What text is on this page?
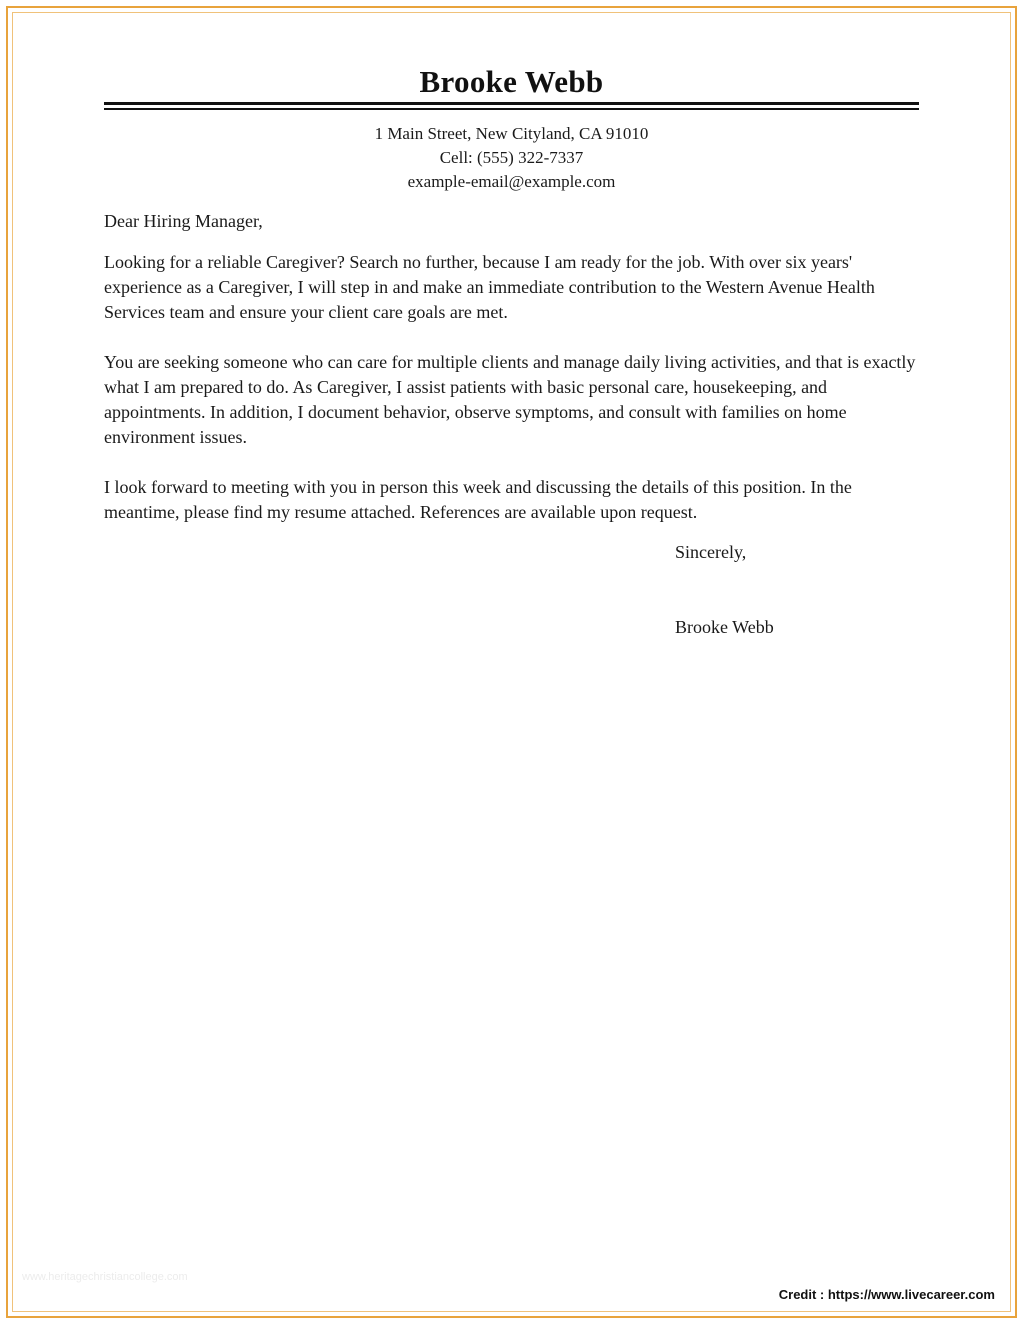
Brooke Webb
1 Main Street, New Cityland, CA 91010
Cell: (555) 322-7337
example-email@example.com

Dear Hiring Manager,

Looking for a reliable Caregiver? Search no further, because I am ready for the job. With over six years' experience as a Caregiver, I will step in and make an immediate contribution to the Western Avenue Health Services team and ensure your client care goals are met.

You are seeking someone who can care for multiple clients and manage daily living activities, and that is exactly what I am prepared to do. As Caregiver, I assist patients with basic personal care, housekeeping, and appointments. In addition, I document behavior, observe symptoms, and consult with families on home environment issues.

I look forward to meeting with you in person this week and discussing the details of this position. In the meantime, please find my resume attached. References are available upon request.

Sincerely,
Brooke Webb
www.heritagechristiancollege.com
Credit : https://www.livecareer.com
